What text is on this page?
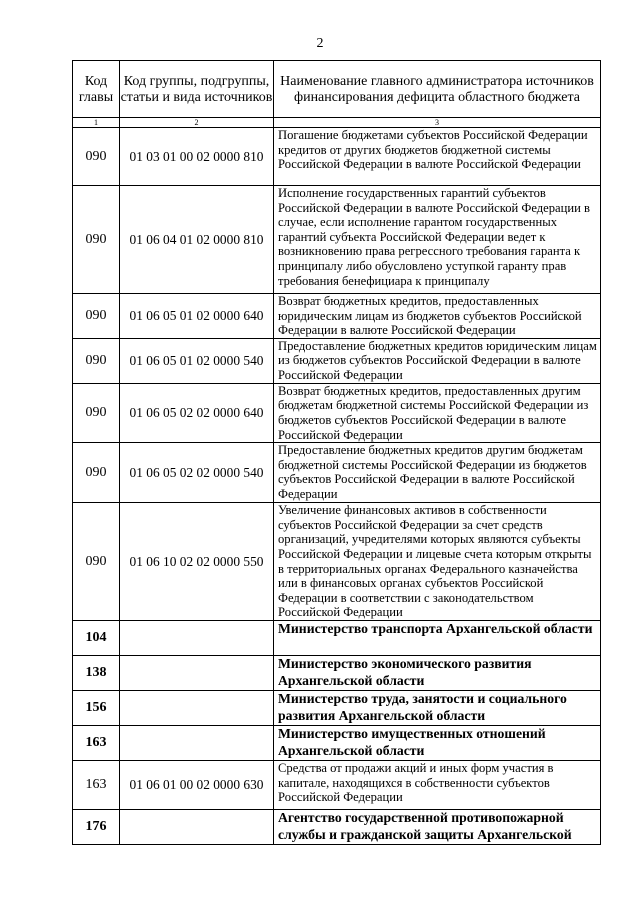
2
Код главы	Код группы, подгруппы, статьи и вида источников	Наименование главного администратора источников финансирования дефицита областного бюджета
1	2	3
090	01 03 01 00 02 0000 810	Погашение бюджетами субъектов Российской Федерации кредитов от других бюджетов бюджетной системы Российской Федерации в валюте Российской Федерации
090	01 06 04 01 02 0000 810	Исполнение государственных гарантий субъектов Российской Федерации в валюте Российской Федерации в случае, если исполнение гарантом государственных гарантий субъекта Российской Федерации ведет к возникновению права регрессного требования гаранта к принципалу либо обусловлено уступкой гаранту прав требования бенефициара к принципалу
090	01 06 05 01 02 0000 640	Возврат бюджетных кредитов, предоставленных юридическим лицам из бюджетов субъектов Российской Федерации в валюте Российской Федерации
090	01 06 05 01 02 0000 540	Предоставление бюджетных кредитов юридическим лицам из бюджетов субъектов Российской Федерации в валюте Российской Федерации
090	01 06 05 02 02 0000 640	Возврат бюджетных кредитов, предоставленных другим бюджетам бюджетной системы Российской Федерации из бюджетов субъектов Российской Федерации в валюте Российской Федерации
090	01 06 05 02 02 0000 540	Предоставление бюджетных кредитов другим бюджетам бюджетной системы Российской Федерации из бюджетов субъектов Российской Федерации в валюте Российской Федерации
090	01 06 10 02 02 0000 550	Увеличение финансовых активов в собственности субъектов Российской Федерации за счет средств организаций, учредителями которых являются субъекты Российской Федерации и лицевые счета которым открыты в территориальных органах Федерального казначейства или в финансовых органах субъектов Российской Федерации в соответствии с законодательством Российской Федерации
104		Министерство транспорта Архангельской области
138		Министерство экономического развития Архангельской области
156		Министерство труда, занятости и социального развития Архангельской области
163		Министерство имущественных отношений Архангельской области
163	01 06 01 00 02 0000 630	Средства от продажи акций и иных форм участия в капитале, находящихся в собственности субъектов Российской Федерации
176		Агентство государственной противопожарной службы и гражданской защиты Архангельской
